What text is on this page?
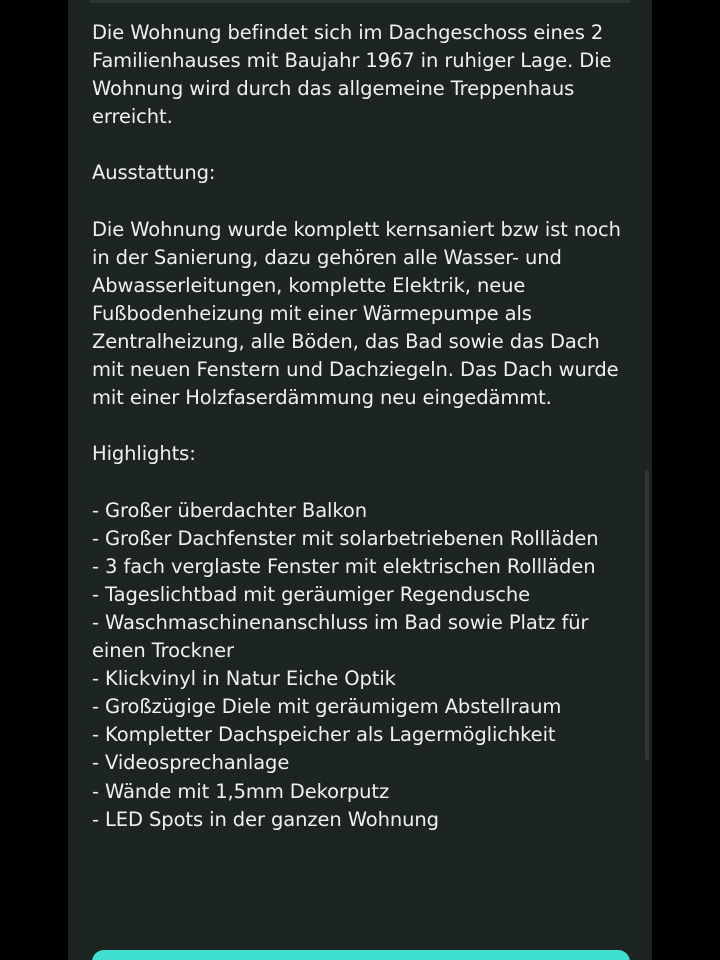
Die Wohnung befindet sich im Dachgeschoss eines 2 Familienhauses mit Baujahr 1967 in ruhiger Lage. Die Wohnung wird durch das allgemeine Treppenhaus erreicht.

Ausstattung:

Die Wohnung wurde komplett kernsaniert bzw ist noch in der Sanierung, dazu gehören alle Wasser- und Abwasserleitungen, komplette Elektrik, neue Fußbodenheizung mit einer Wärmepumpe als Zentralheizung, alle Böden, das Bad sowie das Dach mit neuen Fenstern und Dachziegeln. Das Dach wurde mit einer Holzfaserdämmung neu eingedämmt.

Highlights:

- Großer überdachter Balkon
- Großer Dachfenster mit solarbetriebenen Rollläden
- 3 fach verglaste Fenster mit elektrischen Rollläden
- Tageslichtbad mit geräumiger Regendusche
- Waschmaschinenanschluss im Bad sowie Platz für einen Trockner
- Klickvinyl in Natur Eiche Optik
- Großzügige Diele mit geräumigem Abstellraum
- Kompletter Dachspeicher als Lagermöglichkeit
- Videosprechanlage
- Wände mit 1,5mm Dekorputz
- LED Spots in der ganzen Wohnung
